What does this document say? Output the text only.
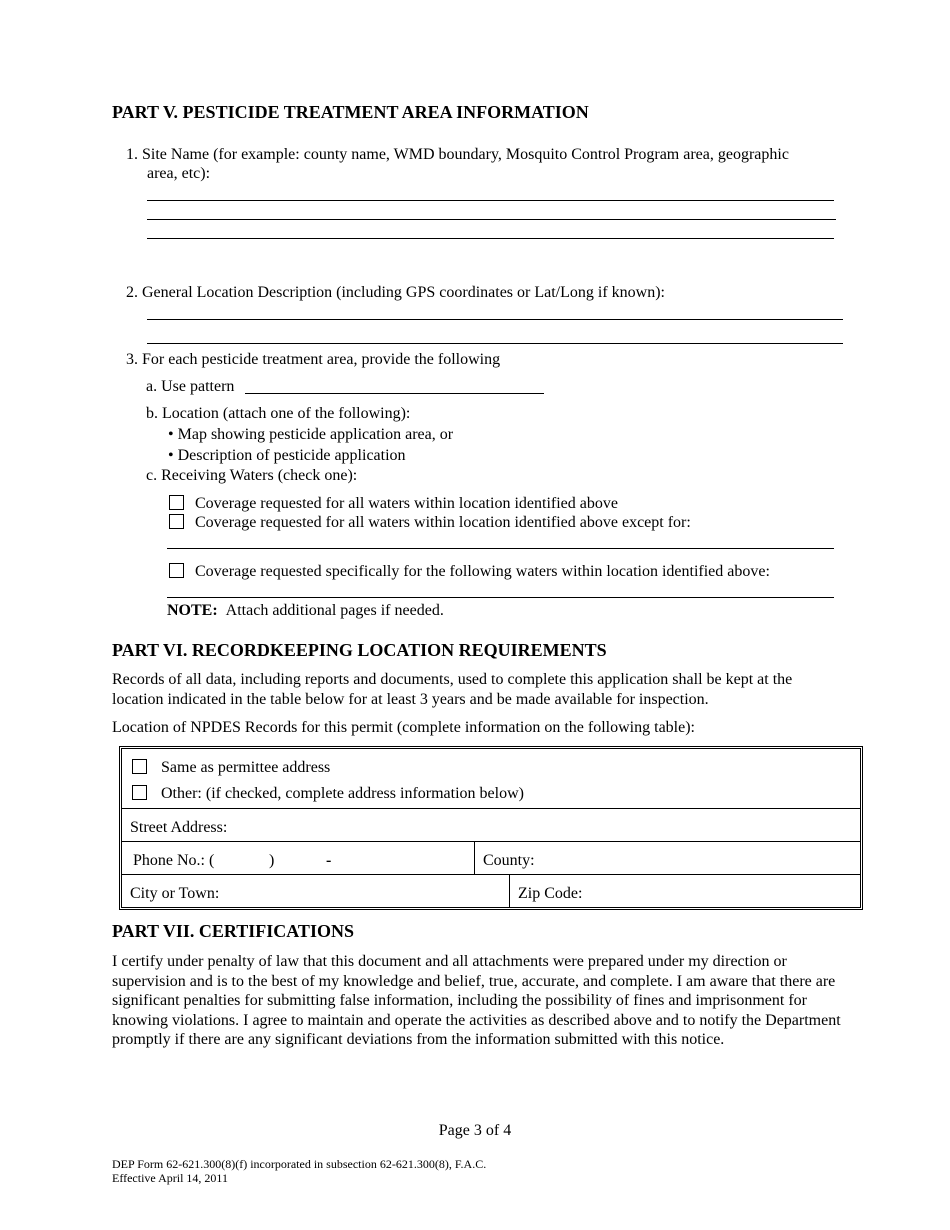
PART V. PESTICIDE TREATMENT AREA INFORMATION
1. Site Name (for example: county name, WMD boundary, Mosquito Control Program area, geographic
area, etc):
2. General Location Description (including GPS coordinates or Lat/Long if known):
3. For each pesticide treatment area, provide the following
a. Use pattern
b. Location (attach one of the following):
• Map showing pesticide application area, or
• Description of pesticide application
c. Receiving Waters (check one):
Coverage requested for all waters within location identified above
Coverage requested for all waters within location identified above except for:
Coverage requested specifically for the following waters within location identified above:
NOTE: Attach additional pages if needed.
PART VI. RECORDKEEPING LOCATION REQUIREMENTS
Records of all data, including reports and documents, used to complete this application shall be kept at the location indicated in the table below for at least 3 years and be made available for inspection.
Location of NPDES Records for this permit (complete information on the following table):
Same as permittee address
Other: (if checked, complete address information below)
Street Address:
Phone No.: (	)	-	County:
City or Town:	Zip Code:
PART VII. CERTIFICATIONS
I certify under penalty of law that this document and all attachments were prepared under my direction or supervision and is to the best of my knowledge and belief, true, accurate, and complete. I am aware that there are significant penalties for submitting false information, including the possibility of fines and imprisonment for knowing violations. I agree to maintain and operate the activities as described above and to notify the Department promptly if there are any significant deviations from the information submitted with this notice.
Page 3 of 4
DEP Form 62-621.300(8)(f) incorporated in subsection 62-621.300(8), F.A.C.
Effective April 14, 2011
